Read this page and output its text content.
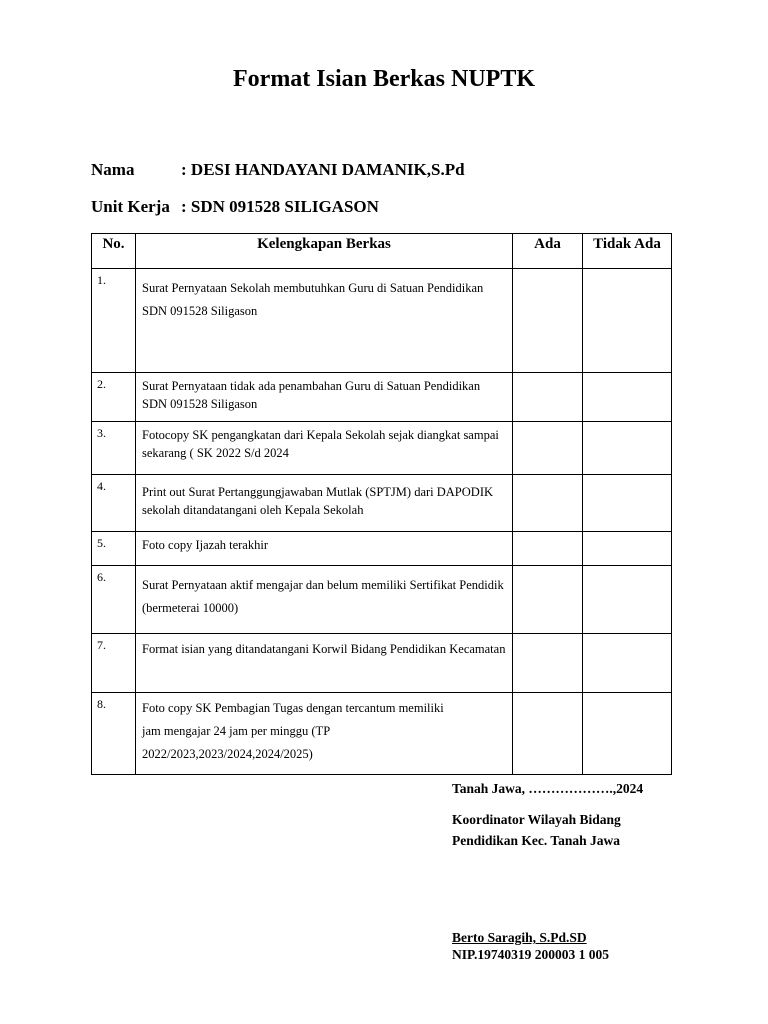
Format Isian Berkas NUPTK
Nama	: DESI HANDAYANI DAMANIK,S.Pd
Unit Kerja : SDN 091528 SILIGASON
No.	Kelengkapan Berkas	Ada	Tidak Ada
1.	Surat Pernyataan Sekolah membutuhkan Guru di Satuan Pendidikan SDN 091528 Siligason		
2.	Surat Pernyataan tidak ada penambahan Guru di Satuan Pendidikan SDN 091528 Siligason		
3.	Fotocopy SK pengangkatan dari Kepala Sekolah sejak diangkat sampai sekarang ( SK 2022 S/d 2024		
4.	Print out Surat Pertanggungjawaban Mutlak (SPTJM) dari DAPODIK sekolah ditandatangani oleh Kepala Sekolah		
5.	Foto copy Ijazah terakhir		
6.	Surat Pernyataan aktif mengajar dan belum memiliki Sertifikat Pendidik (bermeterai 10000)		
7.	Format isian yang ditandatangani Korwil Bidang Pendidikan Kecamatan		
8.	Foto copy SK Pembagian Tugas dengan tercantum memiliki jam mengajar 24 jam per minggu (TP 2022/2023,2023/2024,2024/2025)		
Tanah Jawa, ……………….,2024
Koordinator Wilayah Bidang
Pendidikan Kec. Tanah Jawa
Berto Saragih, S.Pd.SD
NIP.19740319 200003 1 005
